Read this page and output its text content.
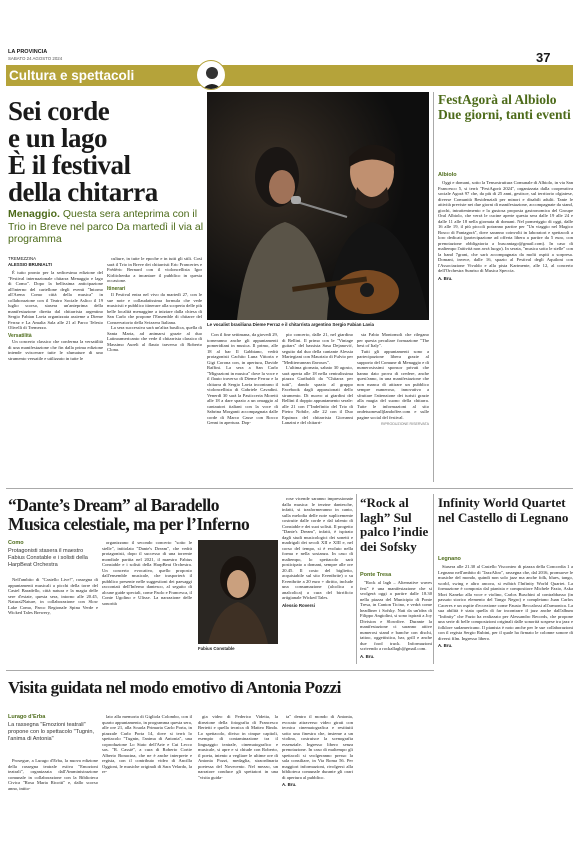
LA PROVINCIA
SABATO 24 AGOSTO 2024	37
Cultura e spettacoli
Sei corde
e un lago
È il festival
della chitarra
Menaggio. Questa sera anteprima con il Trio in Breve nel parco Da martedì il via al programma
TREMEZZINA
ALESSIO BRUNIALTI

È tutto pronto per la sedicesima edizione del "Festival internazionale chitarra Menaggio e lago di Como". Dopo la bellissima anticipazione all'interno del cartellone degli eventi "Intorno all'Arena Como città della musica" in collaborazione con il Teatro Sociale Aslico il 19 luglio scorso, stasera un'anteprima della manifestazione diretta dal chitarrista argentino Sergio Fabian Lavia organizzata assieme a Dieme Ferraz e La Amalia Sala alle 21 al Parco Telesio Olivelli di Tremezzo.

Versatilità

Un concerto classico che conferma la versatilità di una manifestazione che fin dalla prima edizione intende sviscerare tutte le sfumature di uno strumento versatile e utilizzato in tutte le

culture, in tutte le epoche e in tutti gli stili. Così sarà il Trio in Breve dei chitarristi Eric Franceries e Frédéric Bernard con il violoncellista Igor Kirlitchenko a incantare il pubblico in questa occasione.

Itinerari

Il Festival entra nel vivo da martedì 27, con le sue note e collaudatissima formula che vede musicisti e pubblico itinerare alla scoperta delle più belle località menaggine a iniziare dalla chiesa di San Carlo che propone l'Ensemble di chitarre del Conservatorio della Svizzera Italiana.

La sera successiva sarà un'altra basilica, quella di Santa Marta, ad animarsi grazie al duo Latinoamericanto che vede il chitarrista classico di Massimo Aureli al flauto traverso di Roberto Clona.

Le vocalist brasiliana Dieme Ferraz e il chitarrista argentino Sergio Fabian Lavia

Con il fine settimana, da giovedì 29, torneranno anche gli appuntamenti pomeridiani in musica. Il primo, alle 18 al bar Il Gabbiano, vedrà protagonisti Cachito Luna Vittoria e Gigi Corona con, in apertura, Davide Raffini. La sera a San Carlo "Migrazioni in musica" dove la voce e il flauto traverso di Dieme Ferraz e la chitarra di Sergio Lavia incontrano il violoncellista di Gabriele Cavadini. Venerdì 30 sarà la Pasticceria Moretti alle 18 a dare spazio a un omaggio al cantautori italiani con la voce di Sabrina Morganti accompagnata dalle corde di Marco Casse con Rocco Genni in apertura. Dop-

pio concerto, dalle 21, nel giardino di Bellini. Il primo con le "Vintage guitars" del bassista Sasa Dejanović, seguito dal duo della cantante Alessia Martegiani con Maurizio di Fulvio per "Mediterranean flavours".

L'ultima giornata, sabato 30 agosto, sarà aperta alle 18 nella centralissima piazza Garibaldi da "Chitarra per tutti", dando spazio al gruppo Facebook dagli appassionati dello strumento. Di nuovo ai giardini del Bellini il doppio appuntamento serale: alle 21 con l'"Indefinito del Trio di Pietro Nobile, alle 22 con il Duo Equinox del chitarrista Giovanni Lanzini e del chitarri-

sta Fabio Montomoli che rilegano per questa peculiare formazione "The best of Italy".

Tutti gli appuntamenti sono a partecipazione libera grazie al supporto del Comune di Menaggio e di numerosissimi sponsor privati che hanno dato prova di credere, anche quest'anno, in una manifestazione che non manca di attirare un pubblico sempre numeroso, innovativo a sfruttare l'attenzione dei turisti grazie alla magia del suono della chitarra. Tutte le informazioni al sito ondetuonesulljlandoffee.com e sulle pagine social del festival.

RIPRODUZIONE RISERVATA
FestAgorà al Albiolo Due giorni, tanti eventi
Albiolo

Oggi e domani, sotto la Tensostruttura Comunale di Albiolo, in via San Francesco 5, si terrà "FestAgorà 2024", organizzata dalla cooperativa sociale Agorà 97 che, da più di 25 anni, gestisce, sul territorio olgiatese, diverse Comunità Residenziali per minori e disabili adulti. Tante le attività previste nei due giorni di manifestazione, accompagnate da stand, giochi, intrattenimento e la gustosa proposta gastronomica del Groupe Oral Albiolo, che verrà le cucine aperte questa sera dalle 19 alle 24 e dalle 11 alle 18 nella giornata di domani. Nel pomeriggio di oggi, dalle 16 alle 19, il più piccoli potranno partire per "Un viaggio nel Magico Bosco di Fantagorà", dove saranno coinvolti in laboratori e spettacoli a loro dedicati (partecipazione ad offerta libera a partire da 5 euro, con prenotazione obbligatoria a buscantago@gmail.com). In caso di maltempo l'attività non avrà luogo). In serata, "musica sotto le stelle" con la band 7grani, che sarà accompagnata da molti ospiti a sorpresa. Domani, invece, dalle 16, spazio al Festival degli Aquiloni con l'Associazione Vivaldo e alla pista Kartmente, alle 12, al concerto dell'Orchestra Sunriso di Musica Speccia.

A. Bru.
“Dante’s Dream” al Baradello
Musica celestiale, ma per l’Inferno
Como
Protagonisti stasera il maestro Fabius Constable e i solisti della HarpBeat Orchestra

Nell'ambito di "Castello Live!", rassegna di appuntamenti musicali a picchi della torre del Castel Baradello, città natura e la magia delle sere d'estate, questa sera, intorno alle 20.45, Natura2Nature, in collaborazione con Slow Lake Como, Parco Regionale Spina Verde e Wicked Tales Brewery,

organizzano il secondo concerto "sotto le stelle", intitolato "Dante's Dream", che vedrà protagonisti, dopo il successo di una torrente mondiale partita nel 2021, il maestro Fabius Constable e i solisti della HarpBeat Orchestra. Un concerto evocativo, quello proposto dall'ensemble musicale, che trasporterà il pubblico presente nelle suggestioni dei paesaggi raccontati dell'Inferno dantesco, al seguito di alcune guide speciali, come Paolo e Francesca, il Conte Ugolino e Ulisse. La narrazione delle sonorità

Fabius Constable

rose vicende saranno impressionate dalla musica: le terzine dantesche, infatti, si trasformeranno in canto, sulla melodia delle note suplicemente costruite dalle corde e dal talento di Constable e dei suoi solisti. Il progetto "Dante's Dream", infatti, è ispirato dagli studi musicologici dei sonetti e madrigali dei secoli XII e XIII e, nel corso del tempo, si è evoluto nella forma e nella sostanza. In caso di maltempo, lo spettacolo sarà posticipato a domani, sempre alle ore 20.45. Il costo del biglietto, acquistabile sul sito Eventbrite) o su Eventbrite a 20 euro + diritto, include una consumazione (alcolica o analcolica) a cura del birrificio artigianale Wicked Tales.

Alessio Roversi
“Rock al lagh” Sul palco l’indie dei Sofsky
Ponte Tresa

"Rock al lagh – Alternative waves fest" è una manifestazione che si svolgerà oggi a partire dalle 18.30 nella piazza del Municipio di Ponte Tresa, in Canton Ticino, e vedrà come headliner i Sofsky. Nati da un'idea di Filippo Angiolini, si sono ispirati a Joy Division e Slowdive. Durante la manifestazione ci saranno attive numerosi stand e banche con dischi, tattoo, oggettistica, bar, grill e anche due food truck. Informazioni scrivendo a rockallagh@gmail.com.

A. Bru.
Infinity World Quartet nel Castello di Legnano
Legnano

Stasera alle 21.30 al Castello Visconteo di piazza della Concordia 1 a Legnano nell'ambito di "JazzAltro", rassegna che, dal 2016, promuove le musiche del mondo, quindi non solo jazz ma anche folk, blues, tango, world, swing e altro ancora, si esibirà l'Infinity World Quartet. La formazione è composta dal pianista e compositore Michele Fazio, Aska Mori Kaneko alla voce e violino, Carlos Buschini al contrabbasso (in passato storico elemento del Tango Negro) e completano Juan Carlos Caceres e un ospite d'eccezione come Fausto Beccalossi all'armonica. La sua abilità è stata quella di far incontrare il jazz anche dall'album "Infinity" che Fazio ha realizzato per Alessandro Records, che propone una serie di belle composizioni originali dalle sonorità sospese tra jazz e folklore sudamericano. Il pianista è noto anche per le sue collaborazioni con il regista Sergio Rubini, per il quale ha firmato le colonne sonore di diversi film. Ingresso libero.

A. Bru.
Visita guidata nel modo emotivo di Antonia Pozzi
Lurago d’Erba
La rassegna "Emozioni teatrali" propone con lo spettacolo "Tugnin, l'anima di Antonia"

Prosegue, a Lurago d'Erba, la nuova edizione della rassegna teatrale estiva "Emozioni teatrali", organizzata dall'Amministrazione comunale in collaborazione con la Biblioteca Civica "Rosa Maria Ricotti" e, dallo scorso anno, intito-

lato alla memoria di Gigliola Colombo, con il quarto appuntamento, in programma questa sera, alle ore 21, alla Scuola Primaria Carlo Porta, in piazzale Carlo Porta 14, dove si terrà lo spettacolo "Tugnin, l'anima di Antonia", una coproduzione Lo Stato dell'Arte e Cui Lecco sas. "R. Cassiè", a cura di Roberto Cortie Alberto Bonacina, che ne è anche interprete e regista, con il contributo video di Ancilla Oggioni, le musiche originali di Sara Velardo, la re-

gia video di Federico Videtta, la direzione della fotografia di Francesco Bertetti e quella tecnica di Matteo Binda. Lo spettacolo, diviso in cinque capitoli, esempio di contaminazione tra il linguaggio teatrale, cinematografico e musicale, si apre e si chiude con Roberto, il poeta, intento a vegliare le ultime ore di Antonia Pozzi, medaglia, straordinaria poetessa del Novecento. Nel mezzo, un narratore conduce gli spettatori in una "visita guida-

ta" dentro il mondo di Antonia, evocato attraverso video girati con tecnica cinematografica e restituiti sotto una finestra che, insieme a un violino, costruisce la scenografia essenziale. Ingresso libero senza prenotazione. In caso di maltempo gli spettacoli si svolgeranno presso la sala consiliare, in Via Roma 56. Per maggiori informazioni, rivolgersi alla biblioteca comunale durante gli orari di apertura al pubblico.

A. Bru.
